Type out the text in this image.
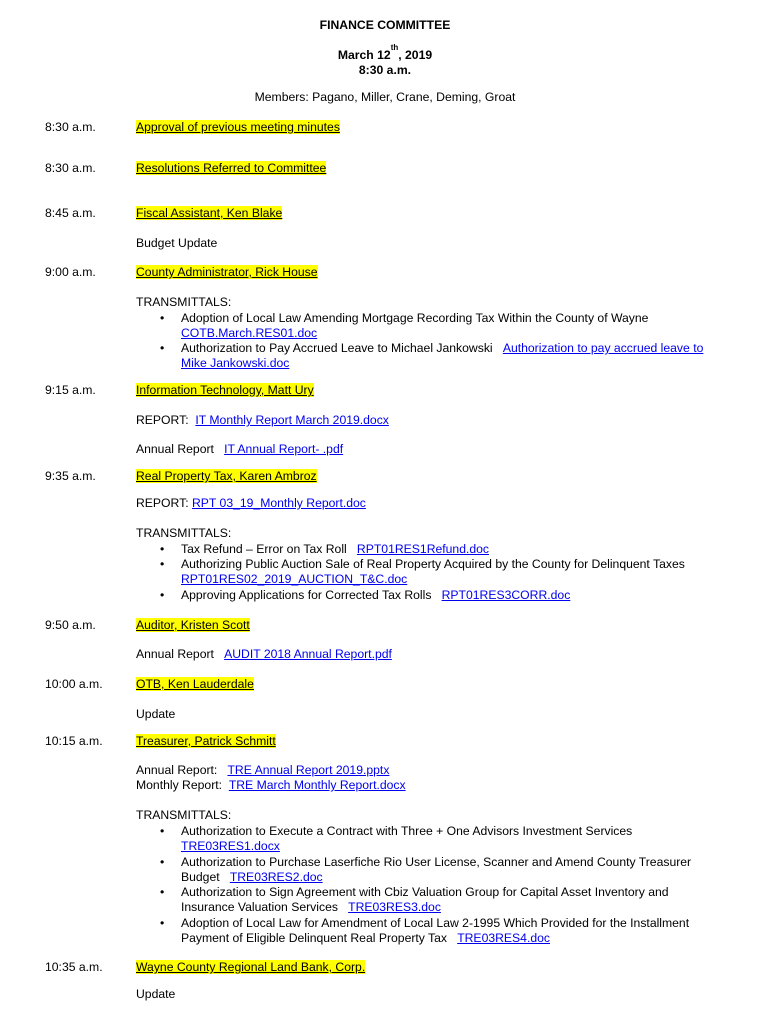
FINANCE COMMITTEE
March 12th, 2019
8:30 a.m.
Members: Pagano, Miller, Crane, Deming, Groat
8:30 a.m.	Approval of previous meeting minutes
8:30 a.m.	Resolutions Referred to Committee
8:45 a.m.	Fiscal Assistant, Ken Blake
Budget Update
9:00 a.m.	County Administrator, Rick House
TRANSMITTALS:
• Adoption of Local Law Amending Mortgage Recording Tax Within the County of Wayne
COTB.March.RES01.doc
• Authorization to Pay Accrued Leave to Michael Jankowski Authorization to pay accrued leave to
Mike Jankowski.doc
9:15 a.m.	Information Technology, Matt Ury
REPORT: IT Monthly Report March 2019.docx
Annual Report IT Annual Report- .pdf
9:35 a.m.	Real Property Tax, Karen Ambroz
REPORT: RPT 03_19_Monthly Report.doc
TRANSMITTALS:
• Tax Refund – Error on Tax Roll RPT01RES1Refund.doc
• Authorizing Public Auction Sale of Real Property Acquired by the County for Delinquent Taxes
RPT01RES02_2019_AUCTION_T&C.doc
• Approving Applications for Corrected Tax Rolls RPT01RES3CORR.doc
9:50 a.m.	Auditor, Kristen Scott
Annual Report AUDIT 2018 Annual Report.pdf
10:00 a.m.	OTB, Ken Lauderdale
Update
10:15 a.m.	Treasurer, Patrick Schmitt
Annual Report: TRE Annual Report 2019.pptx
Monthly Report: TRE March Monthly Report.docx
TRANSMITTALS:
• Authorization to Execute a Contract with Three + One Advisors Investment Services
TRE03RES1.docx
• Authorization to Purchase Laserfiche Rio User License, Scanner and Amend County Treasurer
Budget TRE03RES2.doc
• Authorization to Sign Agreement with Cbiz Valuation Group for Capital Asset Inventory and
Insurance Valuation Services TRE03RES3.doc
• Adoption of Local Law for Amendment of Local Law 2-1995 Which Provided for the Installment
Payment of Eligible Delinquent Real Property Tax TRE03RES4.doc
10:35 a.m.	Wayne County Regional Land Bank, Corp.
Update
